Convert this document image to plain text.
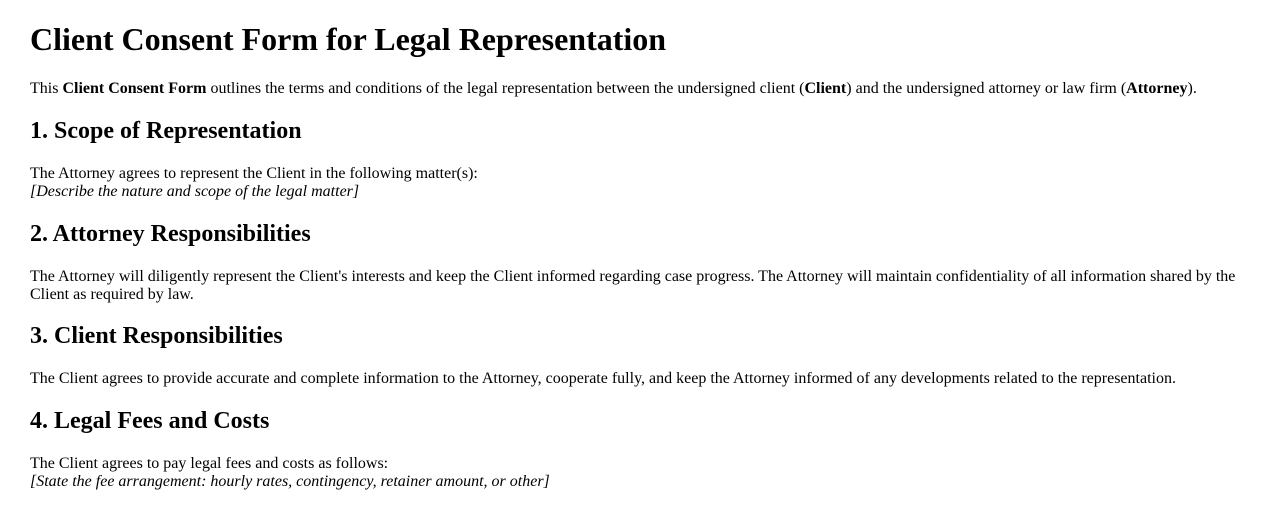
Client Consent Form for Legal Representation

This Client Consent Form outlines the terms and conditions of the legal representation between the undersigned client (Client) and the undersigned attorney or law firm (Attorney).

1. Scope of Representation

The Attorney agrees to represent the Client in the following matter(s):
[Describe the nature and scope of the legal matter]

2. Attorney Responsibilities

The Attorney will diligently represent the Client's interests and keep the Client informed regarding case progress. The Attorney will maintain confidentiality of all information shared by the Client as required by law.

3. Client Responsibilities

The Client agrees to provide accurate and complete information to the Attorney, cooperate fully, and keep the Attorney informed of any developments related to the representation.

4. Legal Fees and Costs

The Client agrees to pay legal fees and costs as follows:
[State the fee arrangement: hourly rates, contingency, retainer amount, or other]
